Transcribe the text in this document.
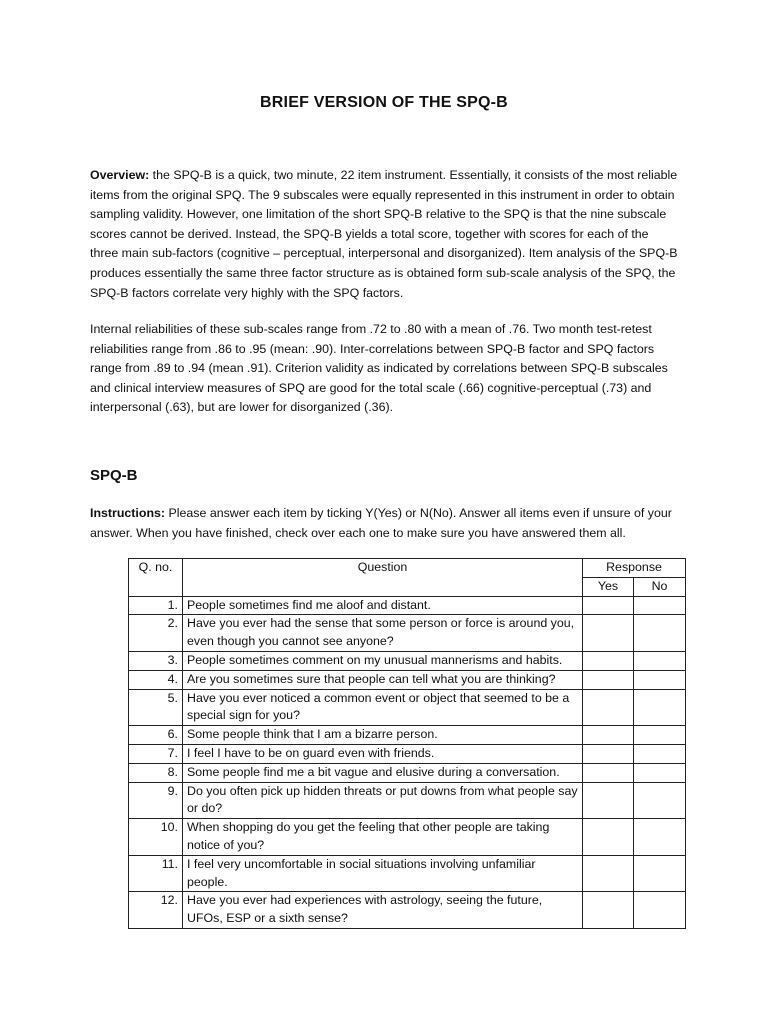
BRIEF VERSION OF THE SPQ-B

Overview: the SPQ-B is a quick, two minute, 22 item instrument. Essentially, it consists of the most reliable items from the original SPQ. The 9 subscales were equally represented in this instrument in order to obtain sampling validity. However, one limitation of the short SPQ-B relative to the SPQ is that the nine subscale scores cannot be derived. Instead, the SPQ-B yields a total score, together with scores for each of the three main sub-factors (cognitive – perceptual, interpersonal and disorganized). Item analysis of the SPQ-B produces essentially the same three factor structure as is obtained form sub-scale analysis of the SPQ, the SPQ-B factors correlate very highly with the SPQ factors.

Internal reliabilities of these sub-scales range from .72 to .80 with a mean of .76. Two month test-retest reliabilities range from .86 to .95 (mean: .90). Inter-correlations between SPQ-B factor and SPQ factors range from .89 to .94 (mean .91). Criterion validity as indicated by correlations between SPQ-B subscales and clinical interview measures of SPQ are good for the total scale (.66) cognitive-perceptual (.73) and interpersonal (.63), but are lower for disorganized (.36).

SPQ-B

Instructions: Please answer each item by ticking Y(Yes) or N(No). Answer all items even if unsure of your answer. When you have finished, check over each one to make sure you have answered them all.

Q. no.	Question	Response	
		Yes	No
1.	People sometimes find me aloof and distant.		
2.	Have you ever had the sense that some person or force is around you, even though you cannot see anyone?		
3.	People sometimes comment on my unusual mannerisms and habits.		
4.	Are you sometimes sure that people can tell what you are thinking?		
5.	Have you ever noticed a common event or object that seemed to be a special sign for you?		
6.	Some people think that I am a bizarre person.		
7.	I feel I have to be on guard even with friends.		
8.	Some people find me a bit vague and elusive during a conversation.		
9.	Do you often pick up hidden threats or put downs from what people say or do?		
10.	When shopping do you get the feeling that other people are taking notice of you?		
11.	I feel very uncomfortable in social situations involving unfamiliar people.		
12.	Have you ever had experiences with astrology, seeing the future, UFOs, ESP or a sixth sense?		
